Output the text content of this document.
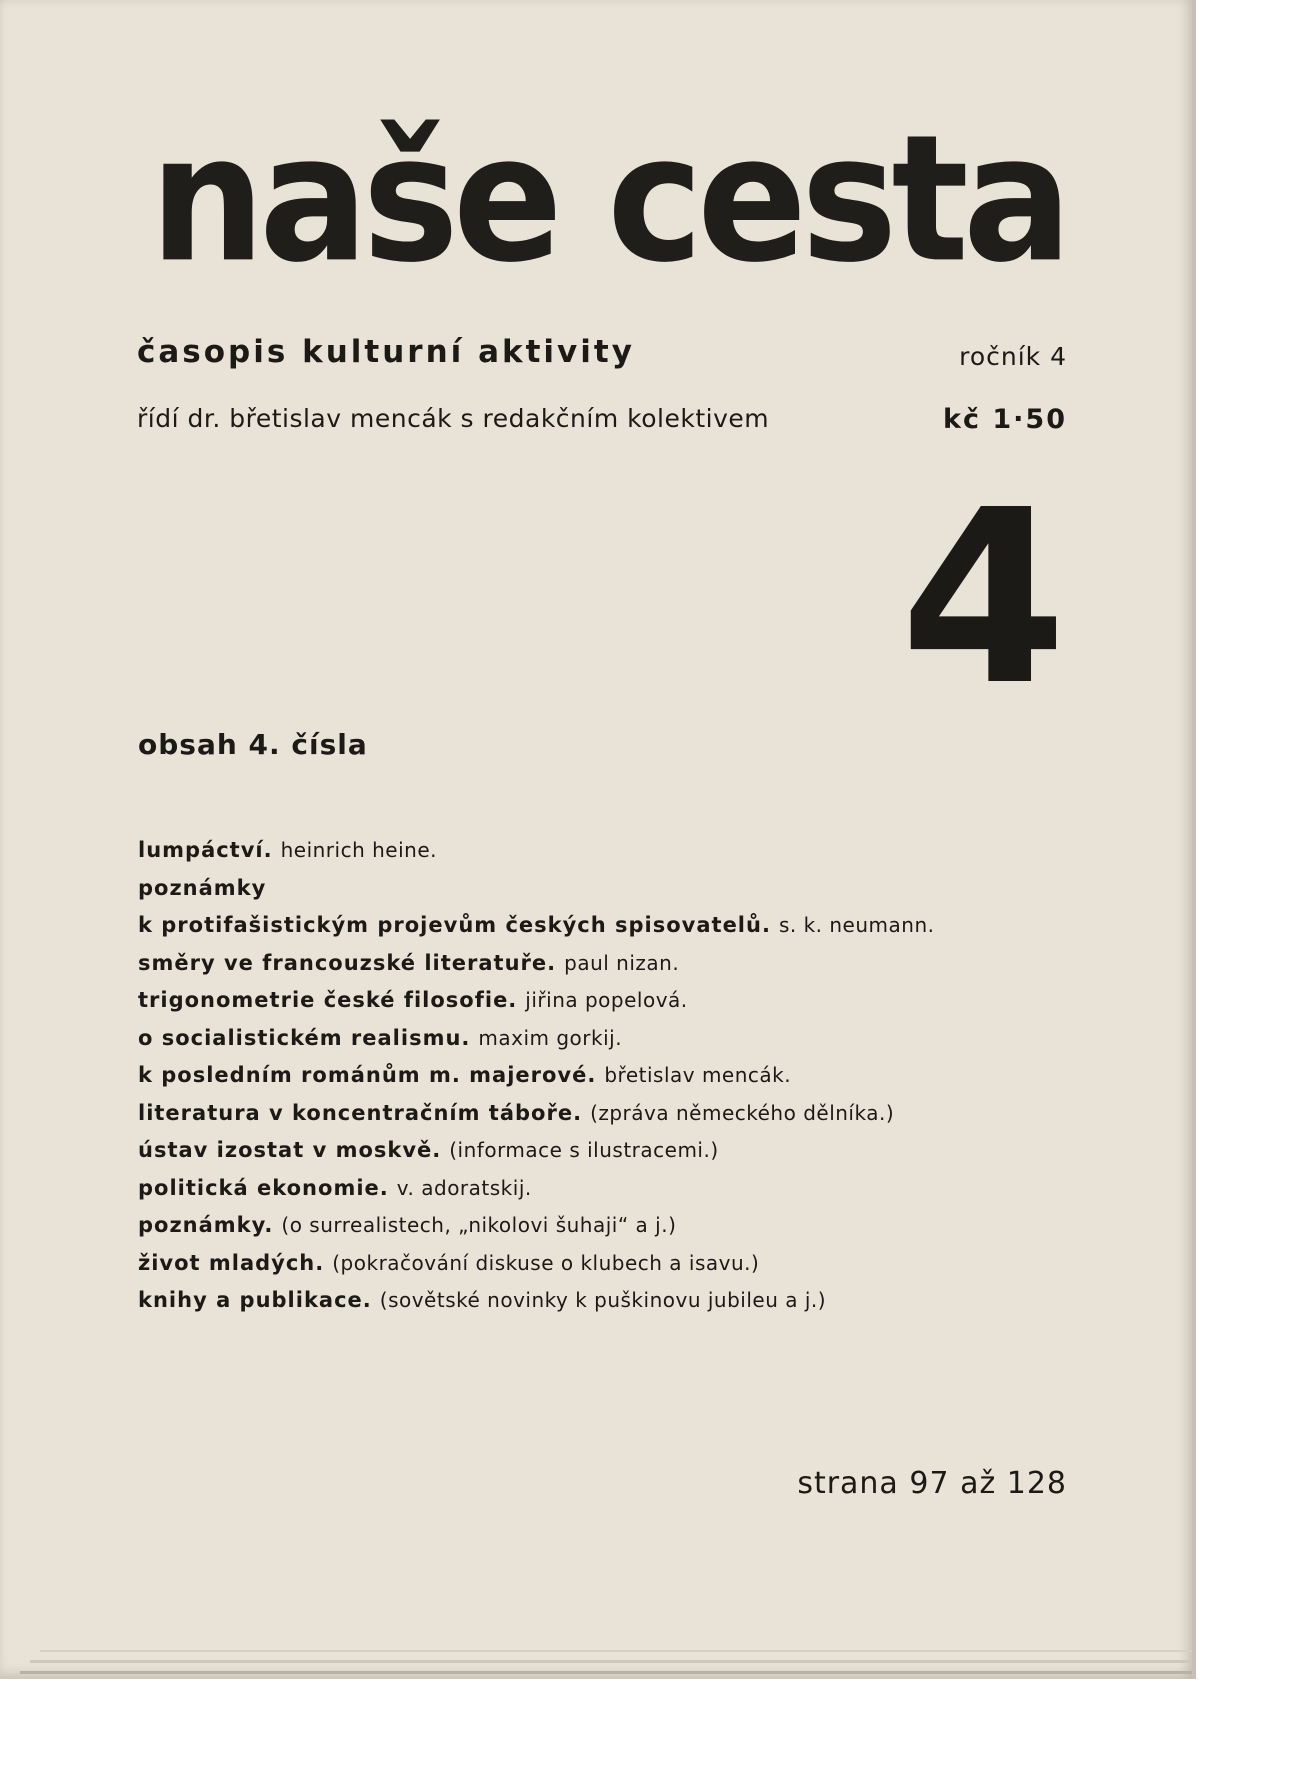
naše cesta
časopis kulturní aktivity	ročník 4
řídí dr. břetislav mencák s redakčním kolektivem	kč 1·50
4
obsah 4. čísla
lumpáctví. heinrich heine.
poznámky
k protifašistickým projevům českých spisovatelů. s. k. neumann.
směry ve francouzské literatuře. paul nizan.
trigonometrie české filosofie. jiřina popelová.
o socialistickém realismu. maxim gorkij.
k posledním románům m. majerové. břetislav mencák.
literatura v koncentračním táboře. (zpráva německého dělníka.)
ústav izostat v moskvě. (informace s ilustracemi.)
politická ekonomie. v. adoratskij.
poznámky. (o surrealistech, „nikolovi šuhaji“ a j.)
život mladých. (pokračování diskuse o klubech a isavu.)
knihy a publikace. (sovětské novinky k puškinovu jubileu a j.)
strana 97 až 128
